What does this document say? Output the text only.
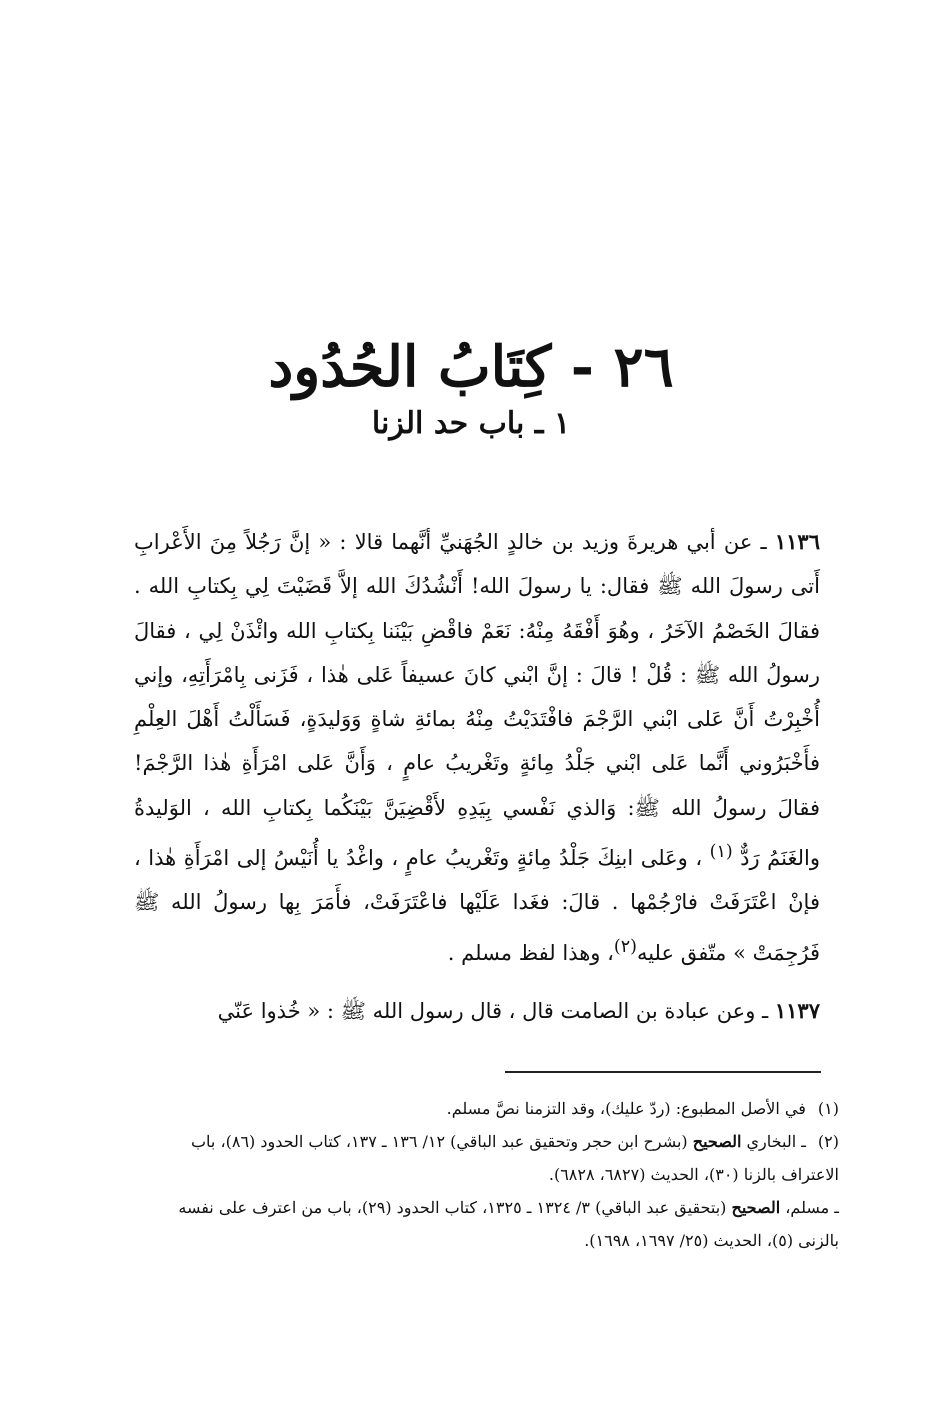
٢٦ - كِتَابُ الحُدُود
١ ـ باب حد الزنا

١١٣٦ ـ عن أبي هريرةَ وزيد بن خالدٍ الجُهَنيِّ أنَّهما قالا : « إنَّ رَجُلاً مِنَ الأَعْرابِ أَتى رسولَ الله ﷺ فقال: يا رسولَ الله! أَنْشُدُكَ الله إلاَّ قَضَيْتَ لِي بِكتابِ الله . فقالَ الخَصْمُ الآخَرُ ، وهُوَ أَفْقَهُ مِنْهُ: نَعَمْ فاقْضِ بَيْنَنا بِكتابِ الله وائْذَنْ لِي ، فقالَ رسولُ الله ﷺ : قُلْ ! قالَ : إنَّ ابْني كانَ عسيفاً عَلى هٰذا ، فَزَنى بِامْرَأَتِهِ، وإني أُخْبِرْتُ أَنَّ عَلى ابْني الرَّجْمَ فافْتَدَيْتُ مِنْهُ بمائةِ شاةٍ وَوَليدَةٍ، فَسَأَلْتُ أَهْلَ العِلْمِ فأَخْبَرُوني أَنَّما عَلى ابْني جَلْدُ مِائةٍ وتَغْريبُ عامٍ ، وَأَنَّ عَلى امْرَأَةِ هٰذا الرَّجْمَ! فقالَ رسولُ الله ﷺ: وَالذي نَفْسي بِيَدِهِ لأَقْضِيَنَّ بَيْنَكُما بِكتابِ الله ، الوَليدةُ والغَنَمُ رَدٌّ $^{(١)}$ ، وعَلى ابنِكَ جَلْدُ مِائةٍ وتَغْريبُ عامٍ ، واغْدُ يا أُنَيْسُ إلى امْرَأَةِ هٰذا ، فإنْ اعْتَرَفَتْ فارْجُمْها . قالَ: فغَدا عَلَيْها فاعْتَرَفَتْ، فأَمَرَ بِها رسولُ الله ﷺ فَرُجِمَتْ » متّفق عليه$^{(٢)}$، وهذا لفظ مسلم .

١١٣٧ ـ وعن عبادة بن الصامت قال ، قال رسول الله ﷺ : « خُذوا عَنّي

(١) في الأصل المطبوع: (ردّ عليك)، وقد التزمنا نصَّ مسلم.

(٢) ـ البخاري الصحيح (بشرح ابن حجر وتحقيق عبد الباقي) ١٢/ ١٣٦ ـ ١٣٧، كتاب الحدود (٨٦)، باب الاعتراف بالزنا (٣٠)، الحديث (٦٨٢٧، ٦٨٢٨).

ـ مسلم، الصحيح (بتحقيق عبد الباقي) ٣/ ١٣٢٤ ـ ١٣٢٥، كتاب الحدود (٢٩)، باب من اعترف على نفسه بالزنى (٥)، الحديث (٢٥/ ١٦٩٧، ١٦٩٨).
